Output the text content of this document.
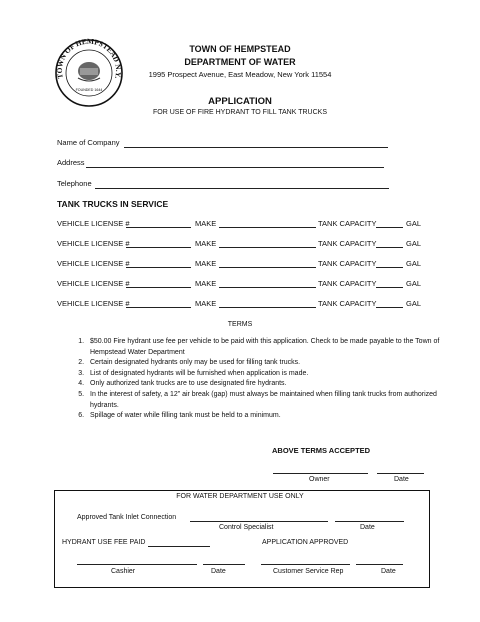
TOWN OF HEMPSTEAD N.Y.
FOUNDED 1644
TOWN OF HEMPSTEAD
DEPARTMENT OF WATER
1995 Prospect Avenue, East Meadow, New York 11554
APPLICATION
FOR USE OF FIRE HYDRANT TO FILL TANK TRUCKS
Name of Company
Address
Telephone
TANK TRUCKS IN SERVICE
VEHICLE LICENSE #	MAKE	TANK CAPACITY	GAL
VEHICLE LICENSE #	MAKE	TANK CAPACITY	GAL
VEHICLE LICENSE #	MAKE	TANK CAPACITY	GAL
VEHICLE LICENSE #	MAKE	TANK CAPACITY	GAL
VEHICLE LICENSE #	MAKE	TANK CAPACITY	GAL
TERMS
1. $50.00 Fire hydrant use fee per vehicle to be paid with this application. Check to be made payable to the Town of Hempstead Water Department
2. Certain designated hydrants only may be used for filling tank trucks.
3. List of designated hydrants will be furnished when application is made.
4. Only authorized tank trucks are to use designated fire hydrants.
5. In the interest of safety, a 12” air break (gap) must always be maintained when filling tank trucks from authorized hydrants.
6. Spillage of water while filling tank must be held to a minimum.
ABOVE TERMS ACCEPTED
Owner	Date
FOR WATER DEPARTMENT USE ONLY
Approved Tank Inlet Connection
Control Specialist	Date
HYDRANT USE FEE PAID	APPLICATION APPROVED
Cashier	Date	Customer Service Rep	Date
